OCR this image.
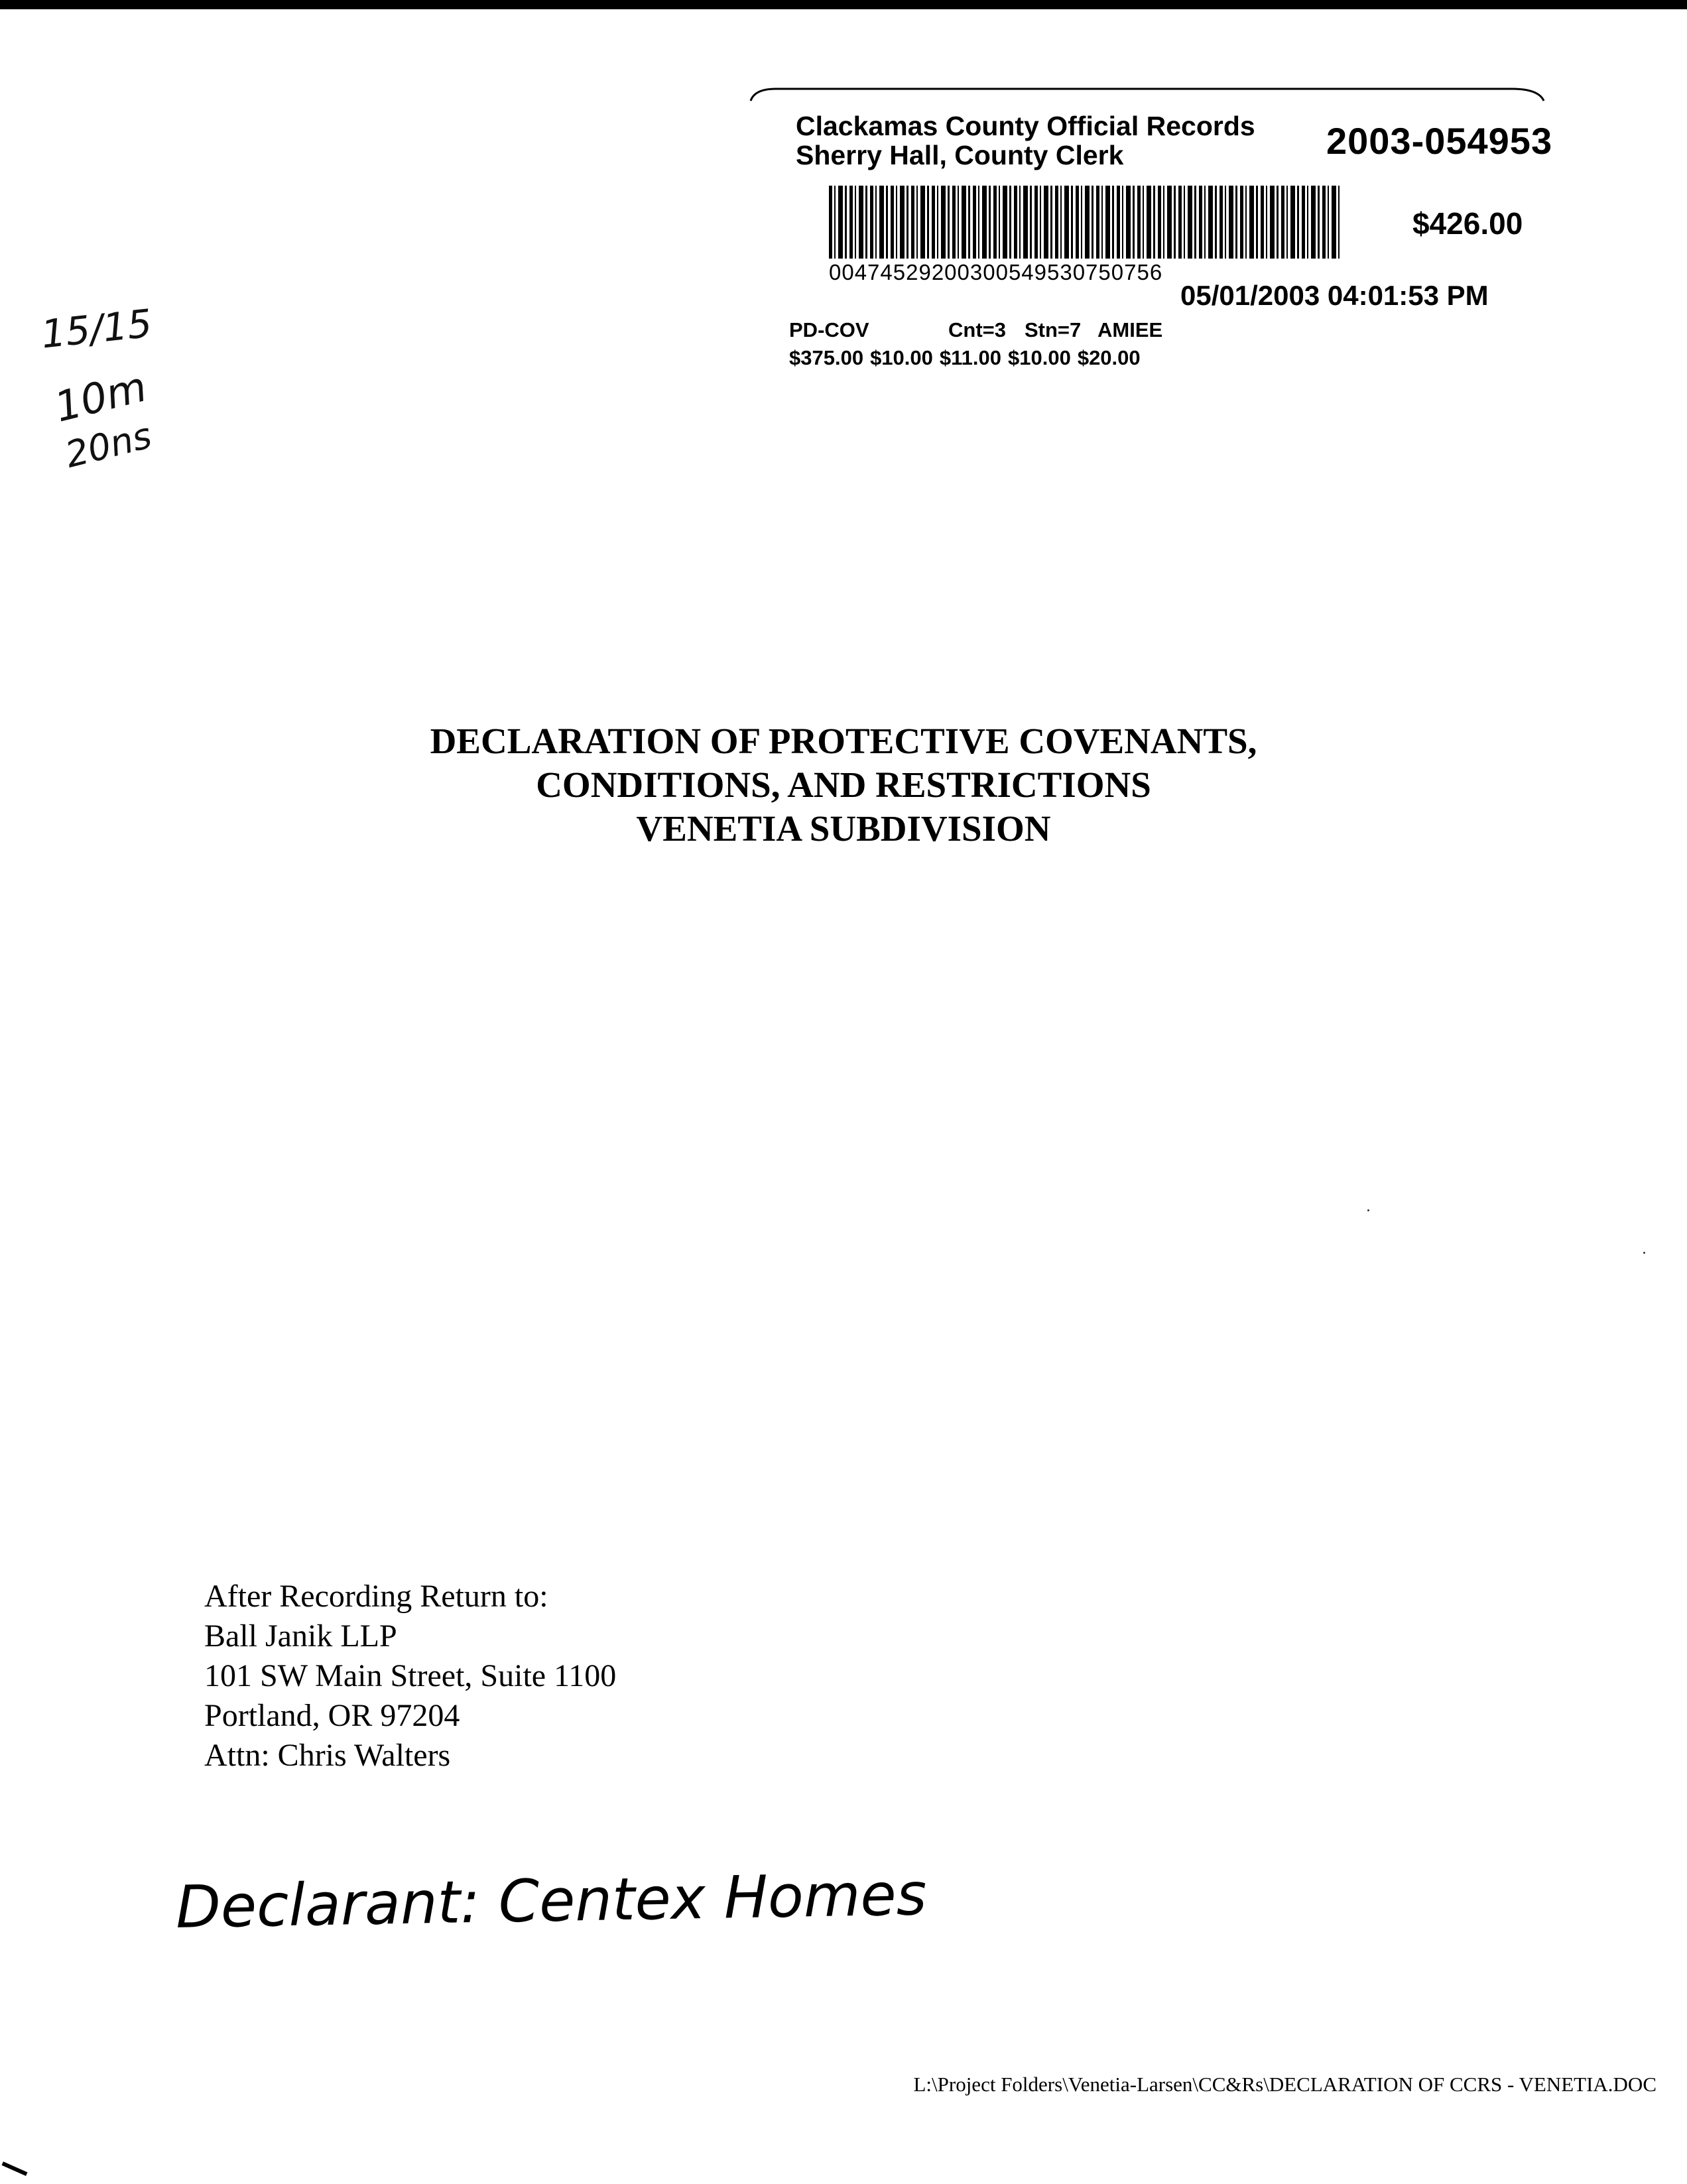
Clackamas County Official Records
Sherry Hall, County Clerk	2003-054953
00474529200300549530750756
$426.00
05/01/2003 04:01:53 PM
PD-COV	Cnt=3 Stn=7 AMIEE
$375.00 $10.00 $11.00 $10.00 $20.00
15/15
10m
20ns
DECLARATION OF PROTECTIVE COVENANTS,
CONDITIONS, AND RESTRICTIONS
VENETIA SUBDIVISION
After Recording Return to:
Ball Janik LLP
101 SW Main Street, Suite 1100
Portland, OR 97204
Attn: Chris Walters
Declarant: Centex Homes
L:\Project Folders\Venetia-Larsen\CC&Rs\DECLARATION OF CCRS - VENETIA.DOC
